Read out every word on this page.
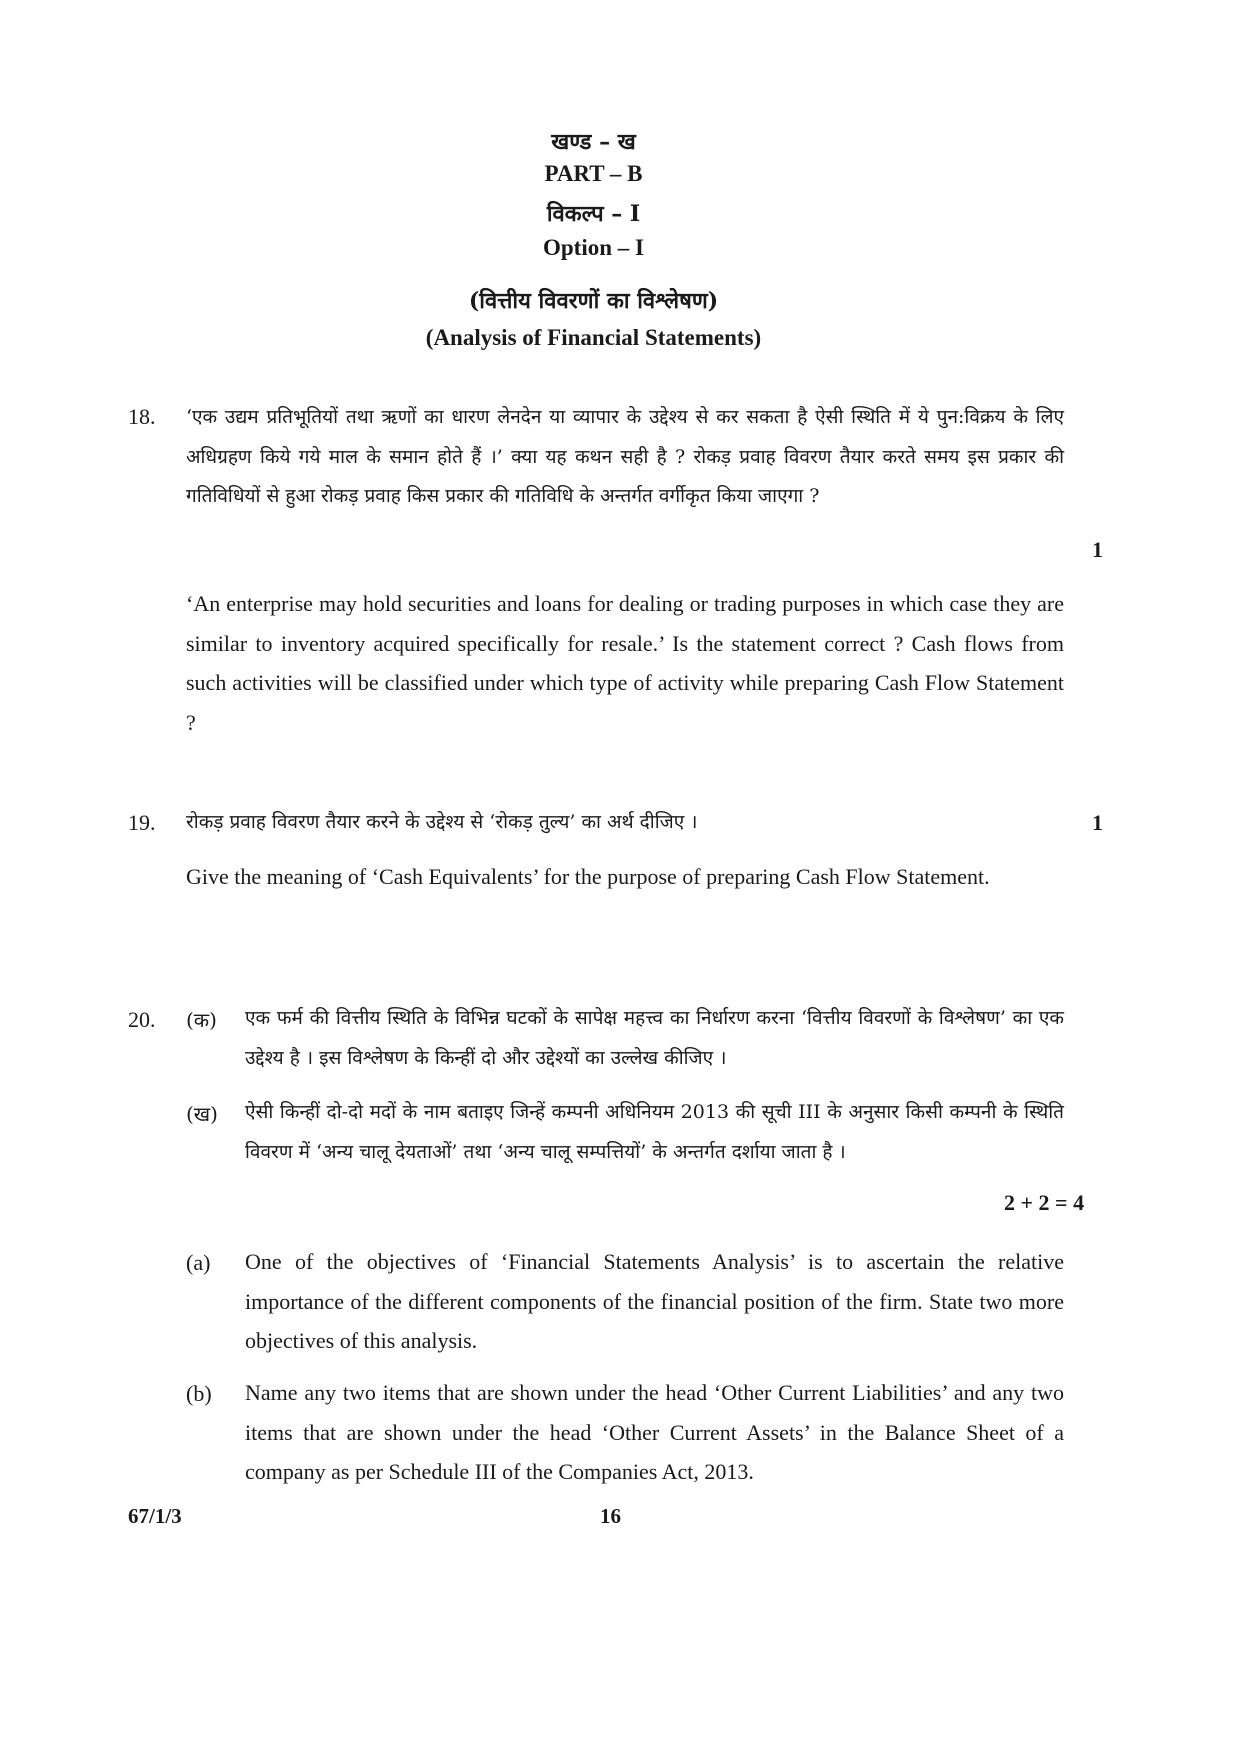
खण्ड – ख
PART – B
विकल्प – I
Option – I
(वित्तीय विवरणों का विश्लेषण)
(Analysis of Financial Statements)
18. ‘एक उद्यम प्रतिभूतियों तथा ऋणों का धारण लेनदेन या व्यापार के उद्देश्य से कर सकता है ऐसी स्थिति में ये पुन:विक्रय के लिए अधिग्रहण किये गये माल के समान होते हैं ।’ क्या यह कथन सही है ? रोकड़ प्रवाह विवरण तैयार करते समय इस प्रकार की गतिविधियों से हुआ रोकड़ प्रवाह किस प्रकार की गतिविधि के अन्तर्गत वर्गीकृत किया जाएगा ?
1
‘An enterprise may hold securities and loans for dealing or trading purposes in which case they are similar to inventory acquired specifically for resale.’ Is the statement correct ? Cash flows from such activities will be classified under which type of activity while preparing Cash Flow Statement ?
19. रोकड़ प्रवाह विवरण तैयार करने के उद्देश्य से ‘रोकड़ तुल्य’ का अर्थ दीजिए ।	1
Give the meaning of ‘Cash Equivalents’ for the purpose of preparing Cash Flow Statement.
20. (क) एक फर्म की वित्तीय स्थिति के विभिन्न घटकों के सापेक्ष महत्त्व का निर्धारण करना ‘वित्तीय विवरणों के विश्लेषण’ का एक उद्देश्य है । इस विश्लेषण के किन्हीं दो और उद्देश्यों का उल्लेख कीजिए ।
(ख) ऐसी किन्हीं दो-दो मदों के नाम बताइए जिन्हें कम्पनी अधिनियम 2013 की सूची III के अनुसार किसी कम्पनी के स्थिति विवरण में ‘अन्य चालू देयताओं’ तथा ‘अन्य चालू सम्पत्तियों’ के अन्तर्गत दर्शाया जाता है ।
2 + 2 = 4
(a) One of the objectives of ‘Financial Statements Analysis’ is to ascertain the relative importance of the different components of the financial position of the firm. State two more objectives of this analysis.
(b) Name any two items that are shown under the head ‘Other Current Liabilities’ and any two items that are shown under the head ‘Other Current Assets’ in the Balance Sheet of a company as per Schedule III of the Companies Act, 2013.
67/1/3	16
